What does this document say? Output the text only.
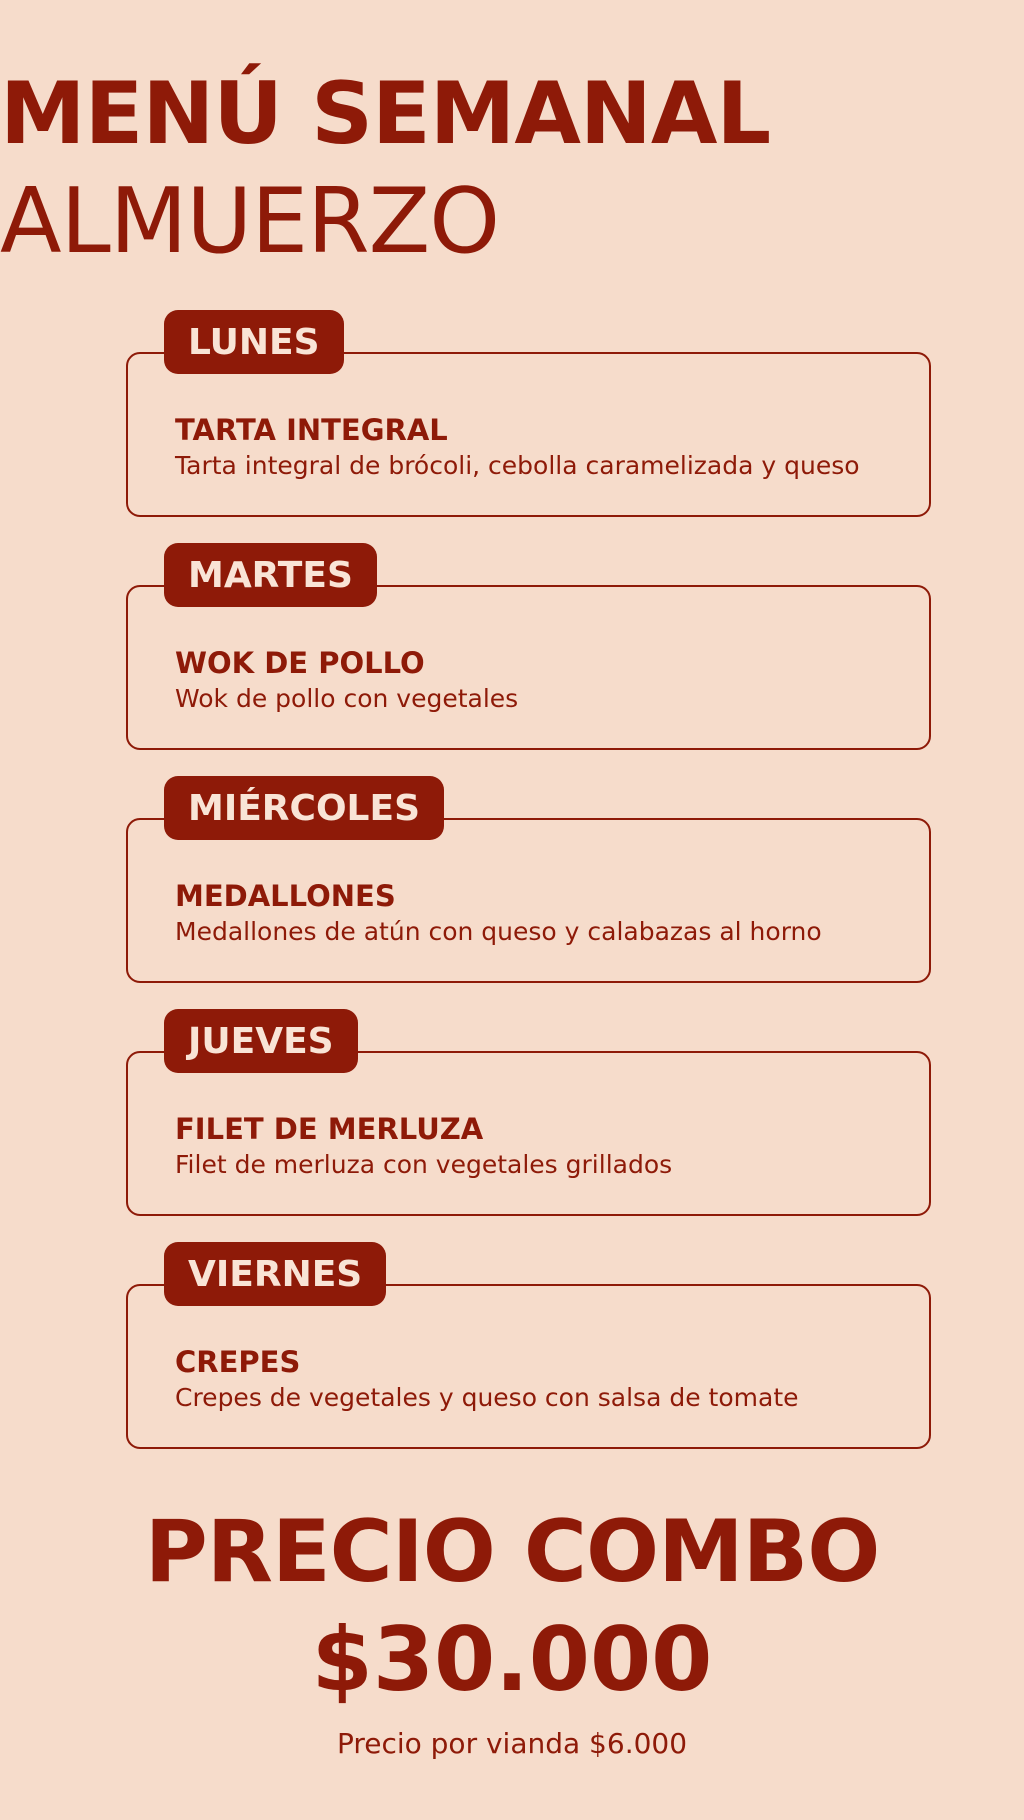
MENÚ SEMANAL
ALMUERZO
LUNES
TARTA INTEGRAL
Tarta integral de brócoli, cebolla caramelizada y queso
MARTES
WOK DE POLLO
Wok de pollo con vegetales
MIÉRCOLES
MEDALLONES
Medallones de atún con queso y calabazas al horno
JUEVES
FILET DE MERLUZA
Filet de merluza con vegetales grillados
VIERNES
CREPES
Crepes de vegetales y queso con salsa de tomate
PRECIO COMBO
$30.000
Precio por vianda $6.000
